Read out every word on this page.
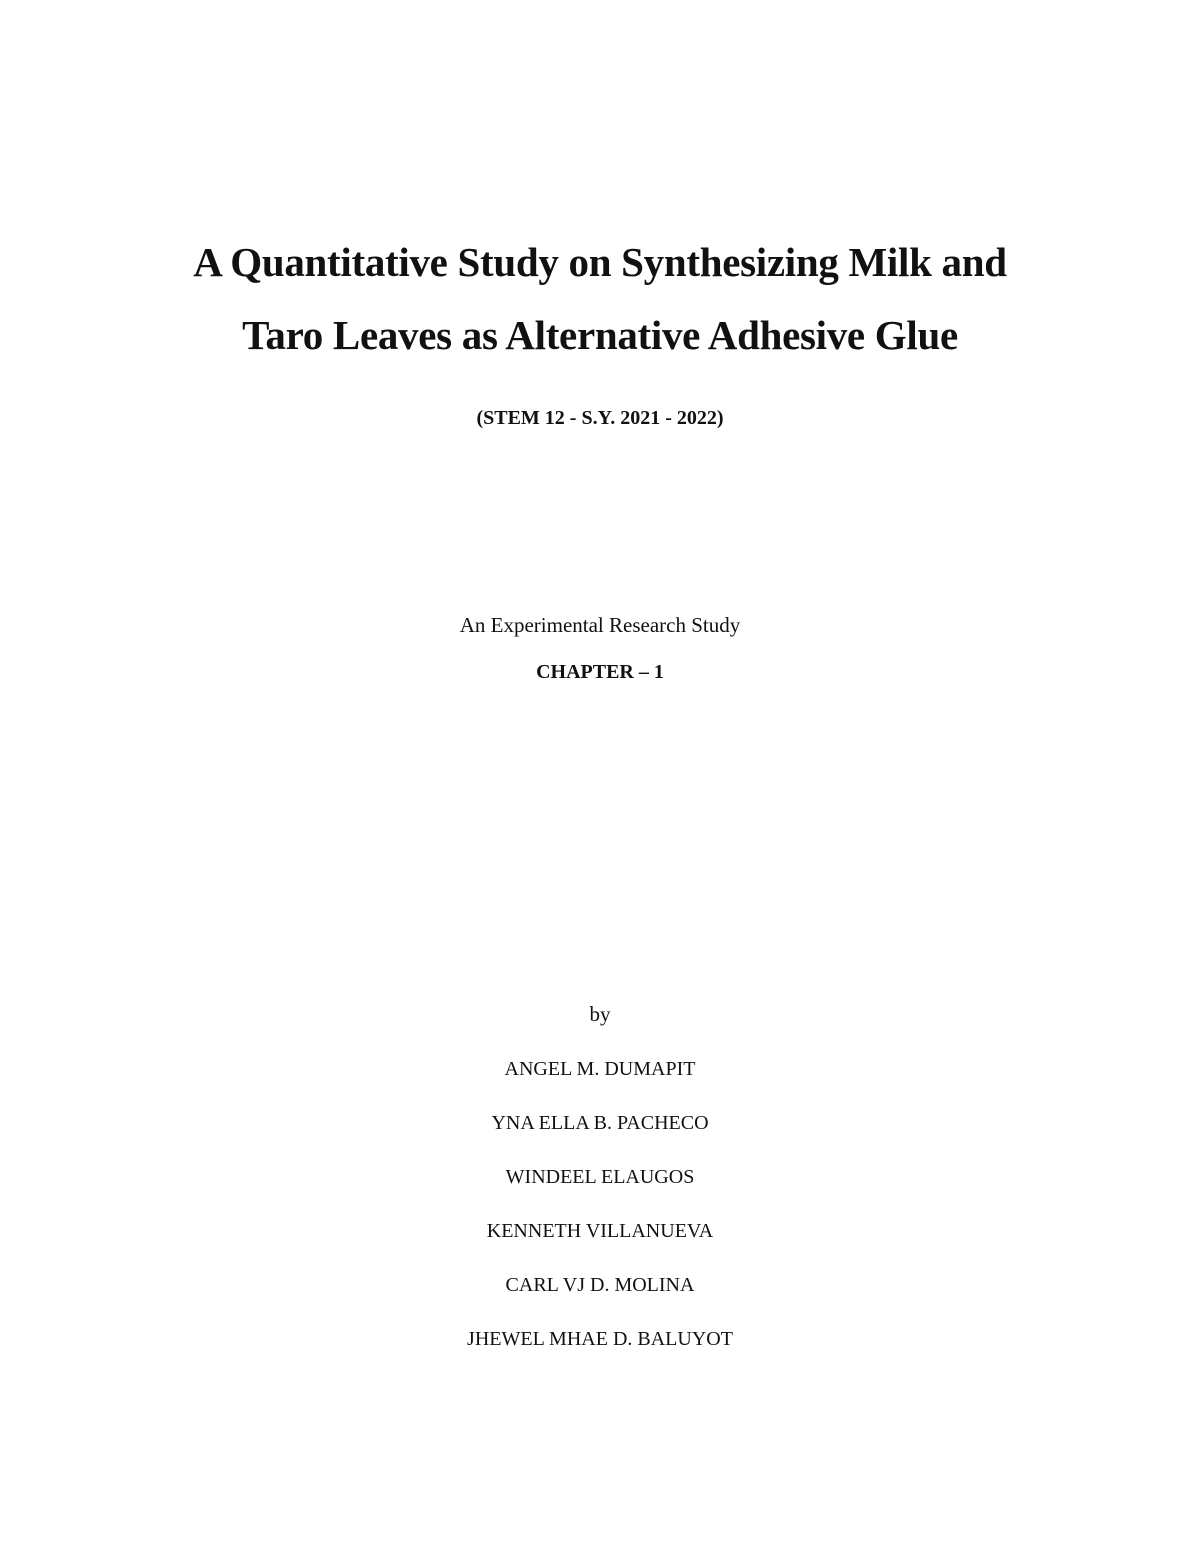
A Quantitative Study on Synthesizing Milk and
Taro Leaves as Alternative Adhesive Glue
(STEM 12 - S.Y. 2021 - 2022)
An Experimental Research Study
CHAPTER – 1
by
ANGEL M. DUMAPIT
YNA ELLA B. PACHECO
WINDEEL ELAUGOS
KENNETH VILLANUEVA
CARL VJ D. MOLINA
JHEWEL MHAE D. BALUYOT
